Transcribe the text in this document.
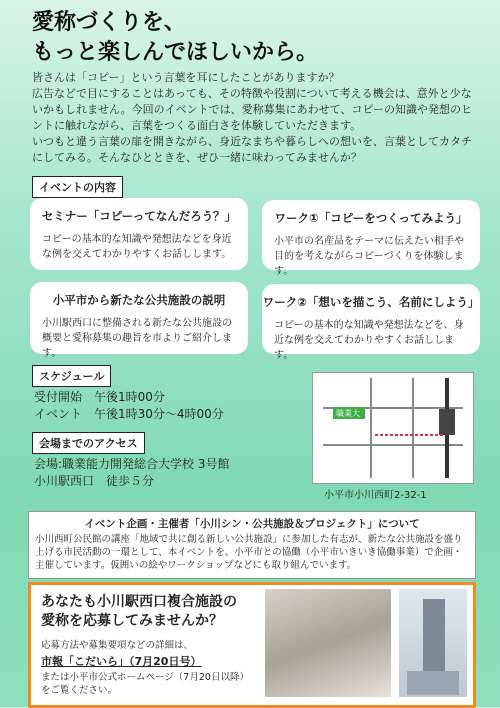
愛称づくりを、
もっと楽しんでほしいから。
皆さんは「コピー」という言葉を耳にしたことがありますか？
広告などで目にすることはあっても、その特徴や役割について考える機会は、意外と少ないかもしれません。今回のイベントでは、愛称募集にあわせて、コピーの知識や発想のヒントに触れながら、言葉をつくる面白さを体験していただきます。
いつもと違う言葉の扉を開きながら、身近なまちや暮らしへの想いを、言葉としてカタチにしてみる。そんなひとときを、ぜひ一緒に味わってみませんか？
イベントの内容
セミナー「コピーってなんだろう？」
コピーの基本的な知識や発想法などを身近な例を交えてわかりやすくお話しします。
ワーク①「コピーをつくってみよう」
小平市の名産品をテーマに伝えたい相手や目的を考えながらコピーづくりを体験します。
小平市から新たな公共施設の説明
小川駅西口に整備される新たな公共施設の概要と愛称募集の趣旨を市よりご紹介します。
ワーク②「想いを描こう、名前にしよう」
コピーの基本的な知識や発想法などを、身近な例を交えてわかりやすくお話しします。
スケジュール
受付開始　午後1時00分
イベント　午後1時30分〜4時00分
会場までのアクセス
会場:職業能力開発総合大学校 3号館
小川駅西口　徒歩５分
職業大
小平市小川西町2-32-1
イベント企画・主催者「小川シン・公共施設＆プロジェクト」について
小川西町公民館の講座「地域で共に創る新しい公共施設」に参加した有志が、新たな公共施設を盛り上げる市民活動の一環として、本イベントを、小平市との協働（小平市いきいき協働事業）で企画・主催しています。仮囲いの絵やワークショップなどにも取り組んでいます。
あなたも小川駅西口複合施設の
愛称を応募してみませんか？
応募方法や募集要項などの詳細は、
市報「こだいら」（7月20日号）
または小平市公式ホームページ（7月20日以降）
をご覧ください。
